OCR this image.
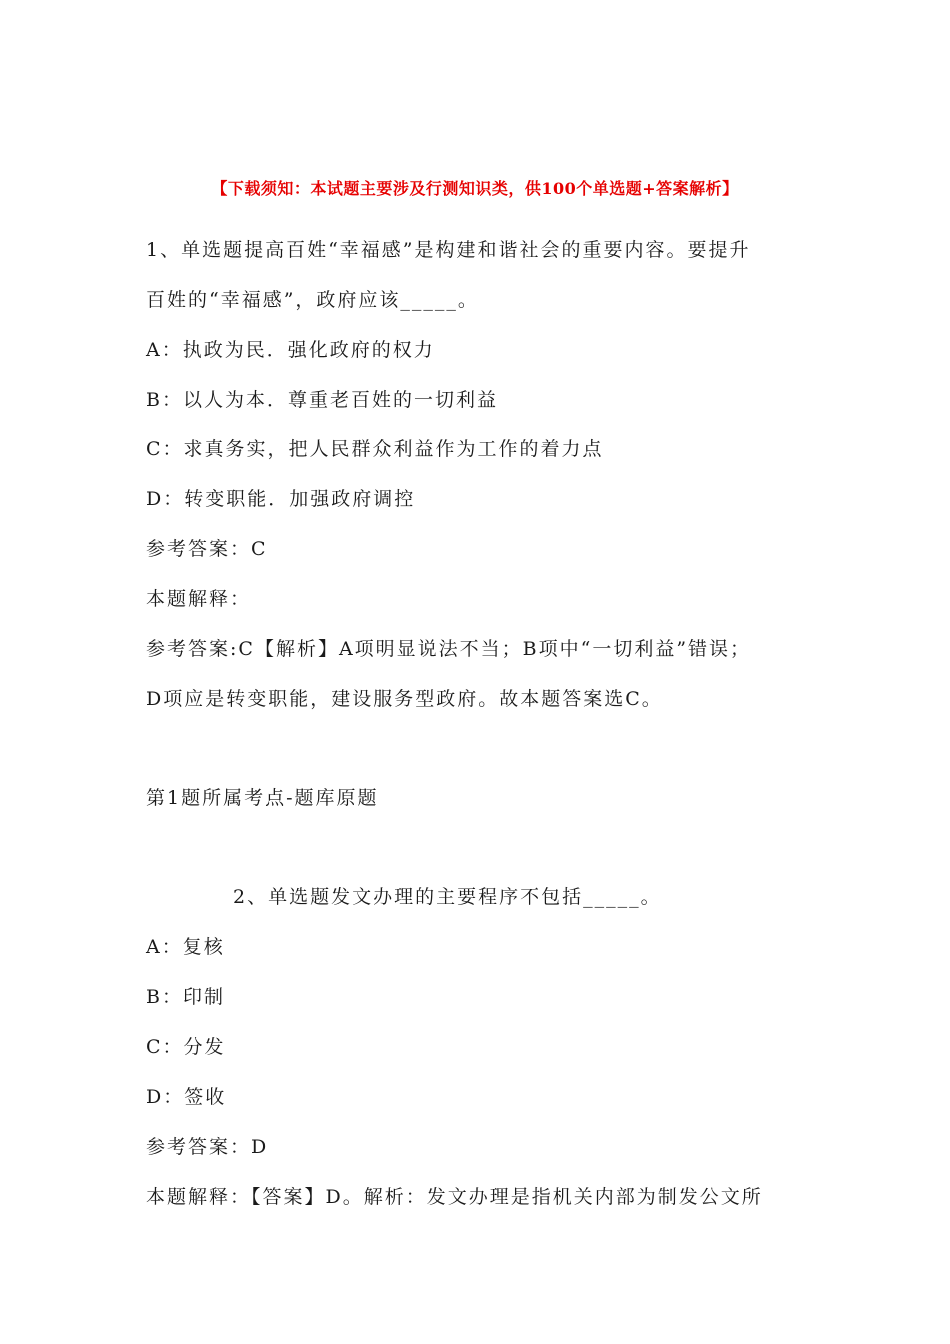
【下载须知：本试题主要涉及行测知识类，供100个单选题+答案解析】
1、单选题提高百姓“幸福感”是构建和谐社会的重要内容。要提升
百姓的“幸福感”，政府应该_____。
A：执政为民．强化政府的权力
B：以人为本．尊重老百姓的一切利益
C：求真务实，把人民群众利益作为工作的着力点
D：转变职能．加强政府调控
参考答案：C
本题解释：
参考答案:C【解析】A项明显说法不当；B项中“一切利益”错误；
D项应是转变职能，建设服务型政府。故本题答案选C。
第1题所属考点-题库原题
2、单选题发文办理的主要程序不包括_____。
A：复核
B：印制
C：分发
D：签收
参考答案：D
本题解释：【答案】D。解析：发文办理是指机关内部为制发公文所
